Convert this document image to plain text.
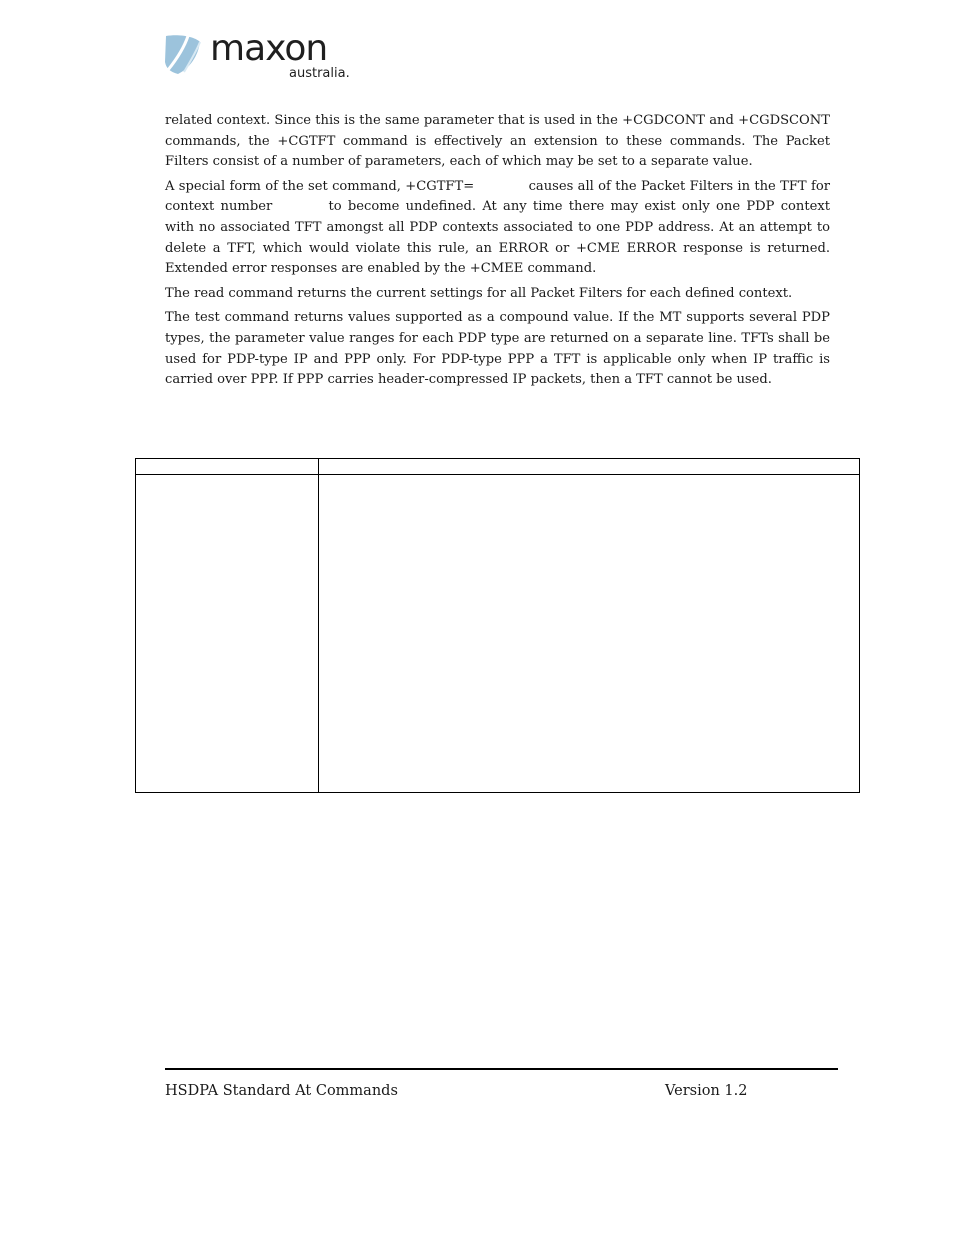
maxon
australia.

related context. Since this is the same parameter that is used in the +CGDCONT and +CGDSCONT commands, the +CGTFT command is effectively an extension to these commands. The Packet Filters consist of a number of parameters, each of which may be set to a separate value.

A special form of the set command, +CGTFT=	causes all of the Packet Filters in the TFT for context number	to become undefined. At any time there may exist only one PDP context with no associated TFT amongst all PDP contexts associated to one PDP address. At an attempt to delete a TFT, which would violate this rule, an ERROR or +CME ERROR response is returned. Extended error responses are enabled by the +CMEE command.

The read command returns the current settings for all Packet Filters for each defined context.

The test command returns values supported as a compound value. If the MT supports several PDP types, the parameter value ranges for each PDP type are returned on a separate line. TFTs shall be used for PDP-type IP and PPP only. For PDP-type PPP a TFT is applicable only when IP traffic is carried over PPP. If PPP carries header-compressed IP packets, then a TFT cannot be used.

HSDPA Standard At Commands	Version 1.2
